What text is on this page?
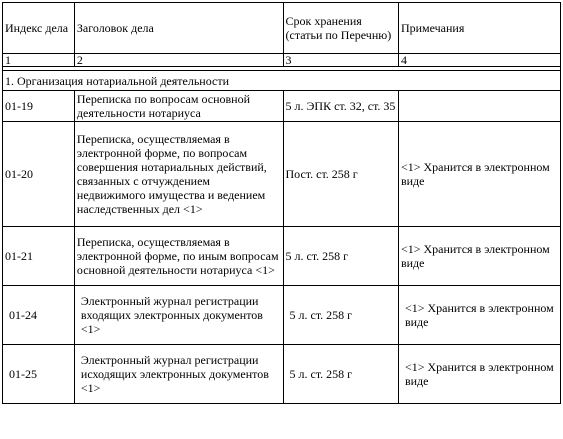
Индекс дела	Заголовок дела	Срок хранения (статьи по Перечню)	Примечания
1	2	3	4

1. Организация нотариальной деятельности			
01-19	Переписка по вопросам основной деятельности нотариуса	5 л. ЭПК ст. 32, ст. 35	
01-20	Переписка, осуществляемая в электронной форме, по вопросам совершения нотариальных действий, связанных с отчуждением недвижимого имущества и ведением наследственных дел <1>	Пост. ст. 258 г	<1> Хранится в электронном виде
01-21	Переписка, осуществляемая в электронной форме, по иным вопросам основной деятельности нотариуса <1>	5 л. ст. 258 г	<1> Хранится в электронном виде
01-24	Электронный журнал регистрации входящих электронных документов <1>	5 л. ст. 258 г	<1> Хранится в электронном виде
01-25	Электронный журнал регистрации исходящих электронных документов <1>	5 л. ст. 258 г	<1> Хранится в электронном виде
